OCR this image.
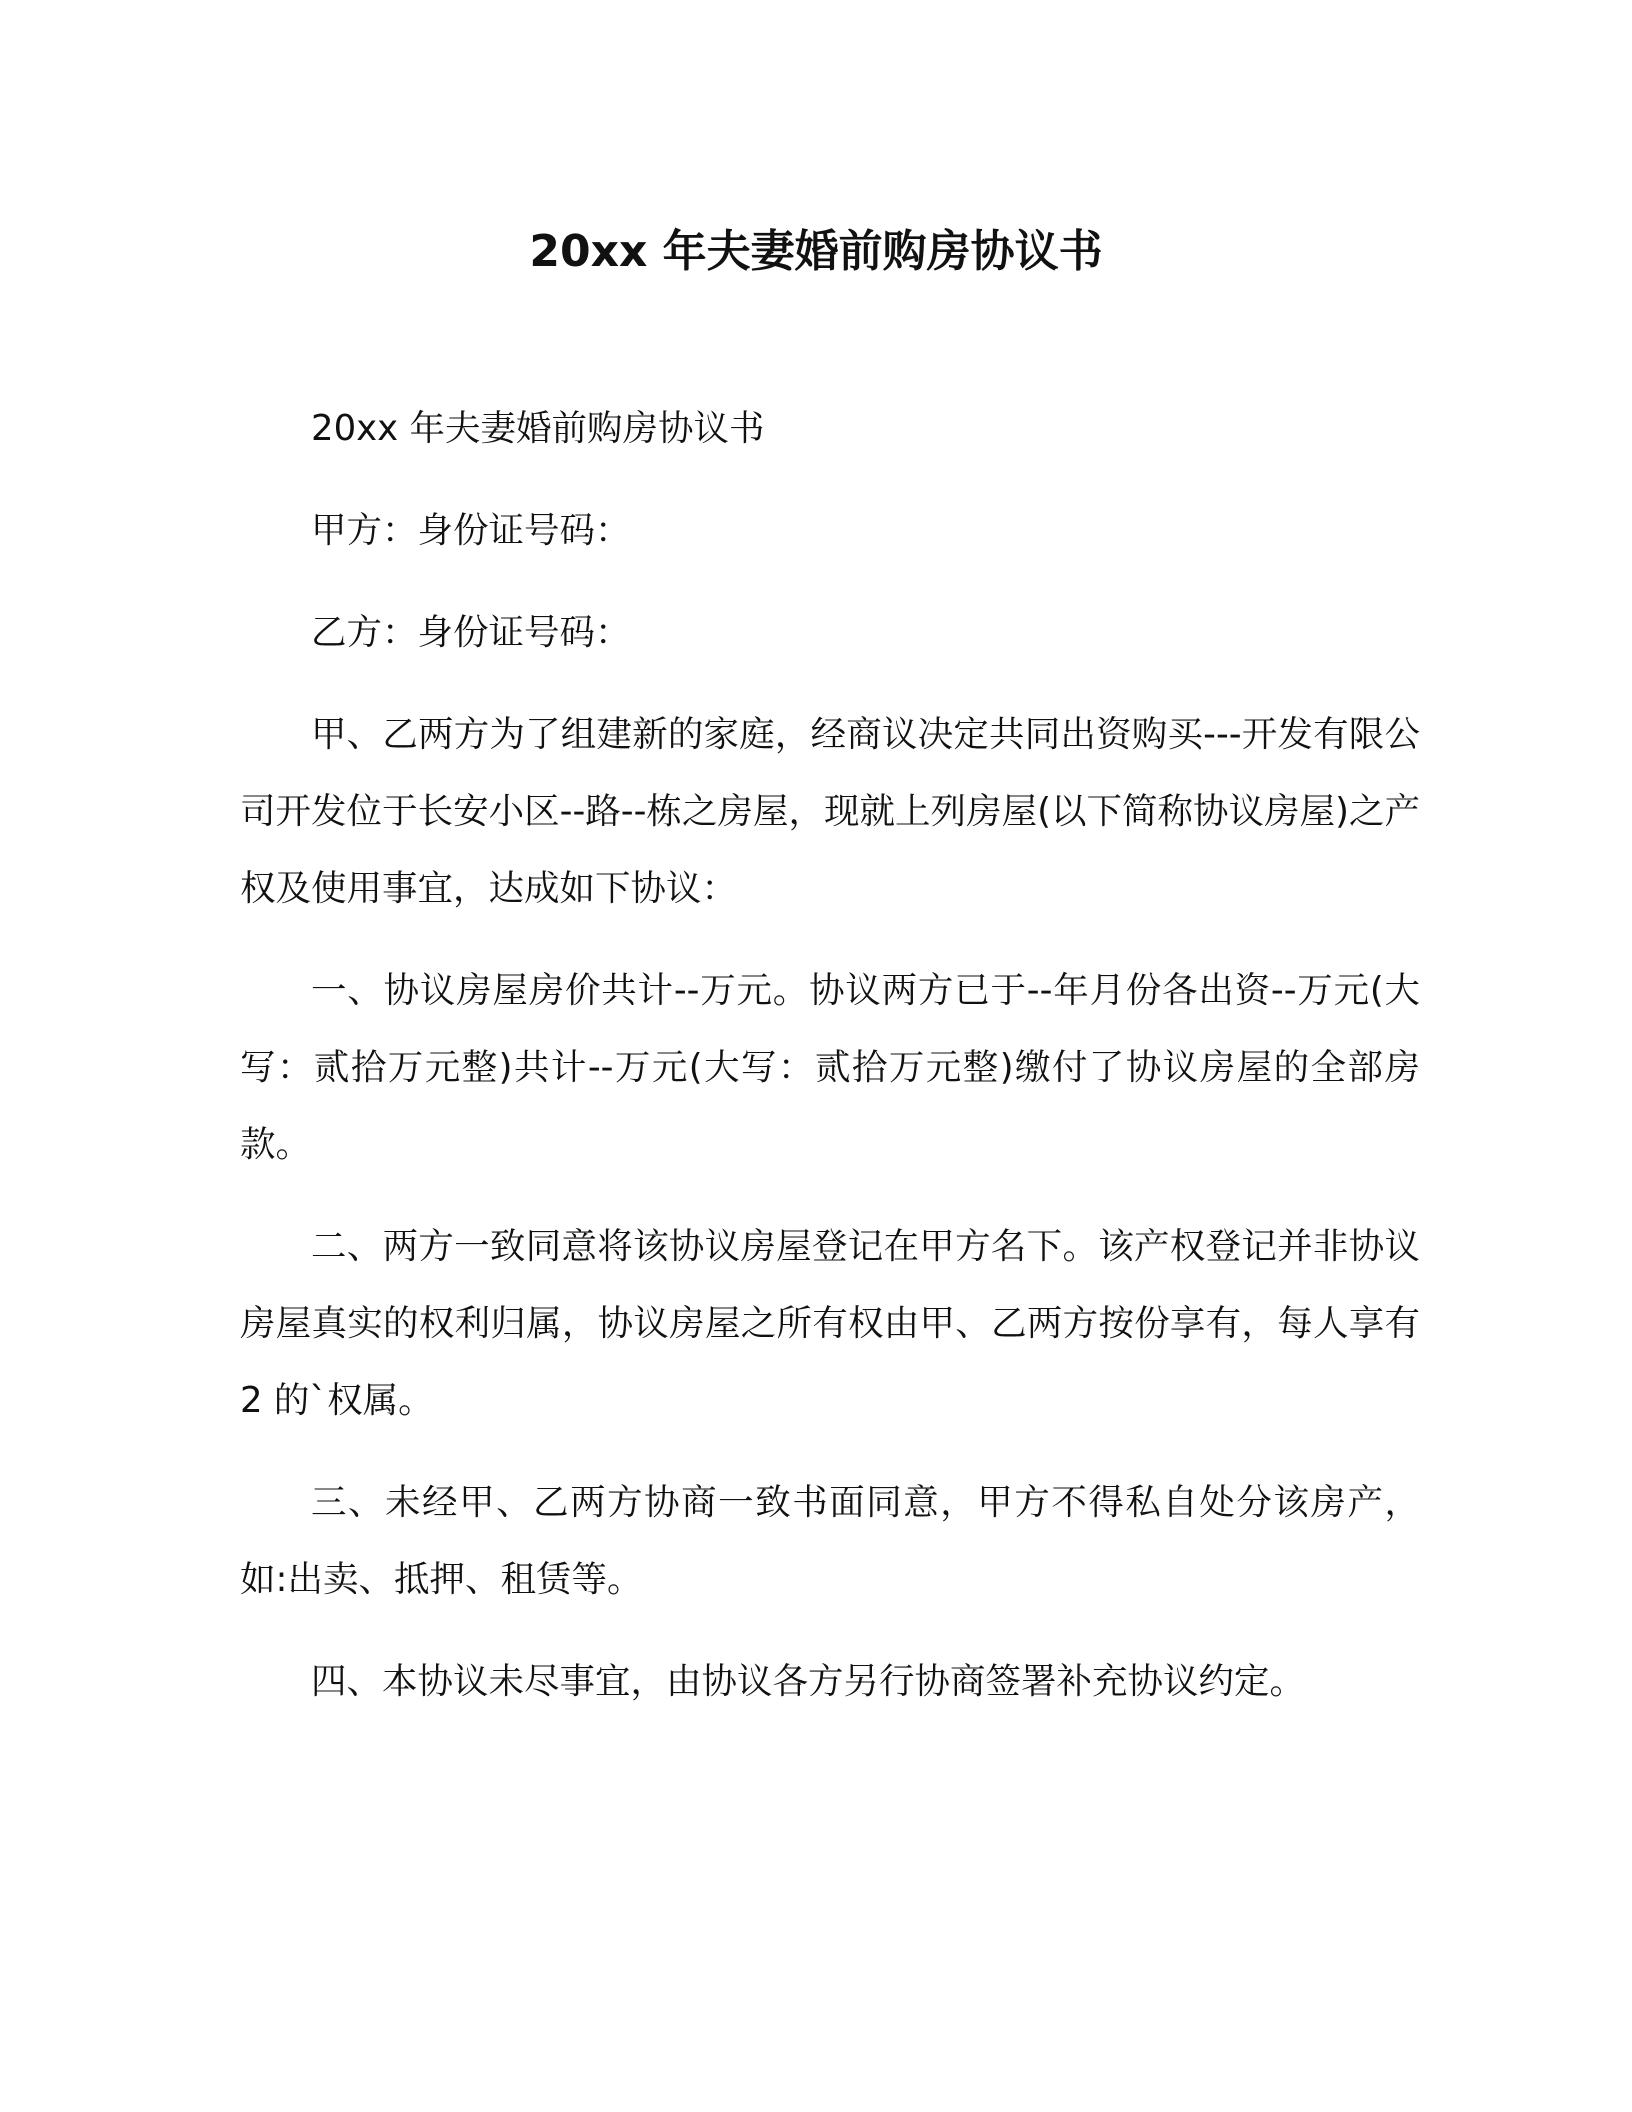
20xx 年夫妻婚前购房协议书

20xx 年夫妻婚前购房协议书

甲方：身份证号码：

乙方：身份证号码：

甲、乙两方为了组建新的家庭，经商议决定共同出资购买---开发有限公司开发位于长安小区--路--栋之房屋，现就上列房屋(以下简称协议房屋)之产权及使用事宜，达成如下协议：

一、协议房屋房价共计--万元。协议两方已于--年月份各出资--万元(大写：贰拾万元整)共计--万元(大写：贰拾万元整)缴付了协议房屋的全部房款。

二、两方一致同意将该协议房屋登记在甲方名下。该产权登记并非协议房屋真实的权利归属，协议房屋之所有权由甲、乙两方按份享有，每人享有 2 的`权属。

三、未经甲、乙两方协商一致书面同意，甲方不得私自处分该房产，如:出卖、抵押、租赁等。

四、本协议未尽事宜，由协议各方另行协商签署补充协议约定。
